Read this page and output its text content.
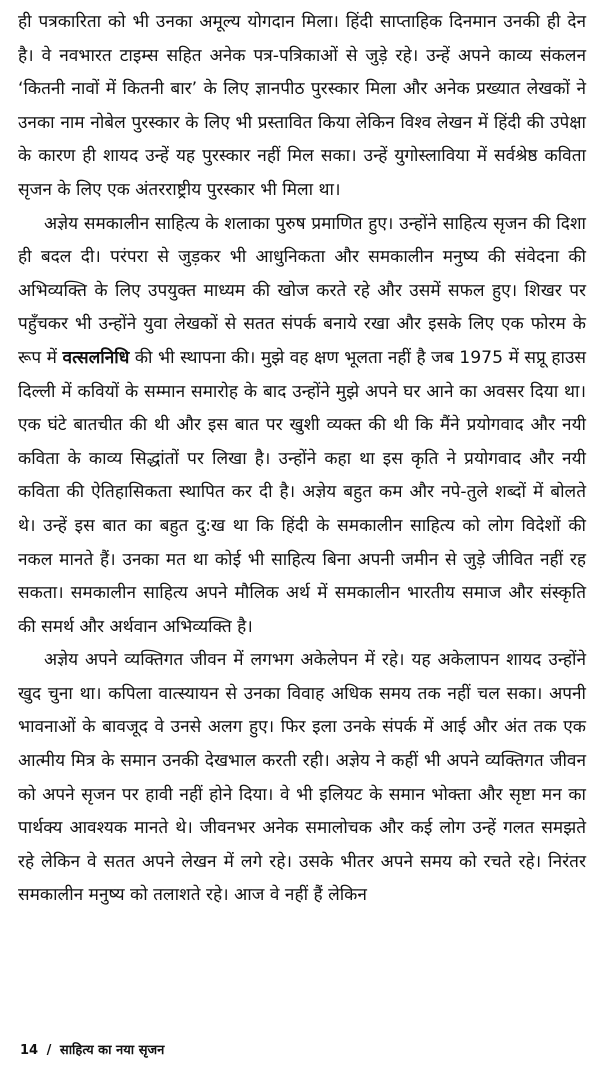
ही पत्रकारिता को भी उनका अमूल्य योगदान मिला। हिंदी साप्ताहिक दिनमान उनकी ही देन है। वे नवभारत टाइम्स सहित अनेक पत्र-पत्रिकाओं से जुड़े रहे। उन्हें अपने काव्य संकलन ‘कितनी नावों में कितनी बार’ के लिए ज्ञानपीठ पुरस्कार मिला और अनेक प्रख्यात लेखकों ने उनका नाम नोबेल पुरस्कार के लिए भी प्रस्तावित किया लेकिन विश्व लेखन में हिंदी की उपेक्षा के कारण ही शायद उन्हें यह पुरस्कार नहीं मिल सका। उन्हें युगोस्लाविया में सर्वश्रेष्ठ कविता सृजन के लिए एक अंतरराष्ट्रीय पुरस्कार भी मिला था।

अज्ञेय समकालीन साहित्य के शलाका पुरुष प्रमाणित हुए। उन्होंने साहित्य सृजन की दिशा ही बदल दी। परंपरा से जुड़कर भी आधुनिकता और समकालीन मनुष्य की संवेदना की अभिव्यक्ति के लिए उपयुक्त माध्यम की खोज करते रहे और उसमें सफल हुए। शिखर पर पहुँचकर भी उन्होंने युवा लेखकों से सतत संपर्क बनाये रखा और इसके लिए एक फोरम के रूप में वत्सलनिधि की भी स्थापना की। मुझे वह क्षण भूलता नहीं है जब 1975 में सप्रू हाउस दिल्ली में कवियों के सम्मान समारोह के बाद उन्होंने मुझे अपने घर आने का अवसर दिया था। एक घंटे बातचीत की थी और इस बात पर खुशी व्यक्त की थी कि मैंने प्रयोगवाद और नयी कविता के काव्य सिद्धांतों पर लिखा है। उन्होंने कहा था इस कृति ने प्रयोगवाद और नयी कविता की ऐतिहासिकता स्थापित कर दी है। अज्ञेय बहुत कम और नपे-तुले शब्दों में बोलते थे। उन्हें इस बात का बहुत दु:ख था कि हिंदी के समकालीन साहित्य को लोग विदेशों की नकल मानते हैं। उनका मत था कोई भी साहित्य बिना अपनी जमीन से जुड़े जीवित नहीं रह सकता। समकालीन साहित्य अपने मौलिक अर्थ में समकालीन भारतीय समाज और संस्कृति की समर्थ और अर्थवान अभिव्यक्ति है।

अज्ञेय अपने व्यक्तिगत जीवन में लगभग अकेलेपन में रहे। यह अकेलापन शायद उन्होंने खुद चुना था। कपिला वात्स्यायन से उनका विवाह अधिक समय तक नहीं चल सका। अपनी भावनाओं के बावजूद वे उनसे अलग हुए। फिर इला उनके संपर्क में आई और अंत तक एक आत्मीय मित्र के समान उनकी देखभाल करती रही। अज्ञेय ने कहीं भी अपने व्यक्तिगत जीवन को अपने सृजन पर हावी नहीं होने दिया। वे भी इलियट के समान भोक्ता और सृष्टा मन का पार्थक्य आवश्यक मानते थे। जीवनभर अनेक समालोचक और कई लोग उन्हें गलत समझते रहे लेकिन वे सतत अपने लेखन में लगे रहे। उसके भीतर अपने समय को रचते रहे। निरंतर समकालीन मनुष्य को तलाशते रहे। आज वे नहीं हैं लेकिन

14 / साहित्य का नया सृजन
